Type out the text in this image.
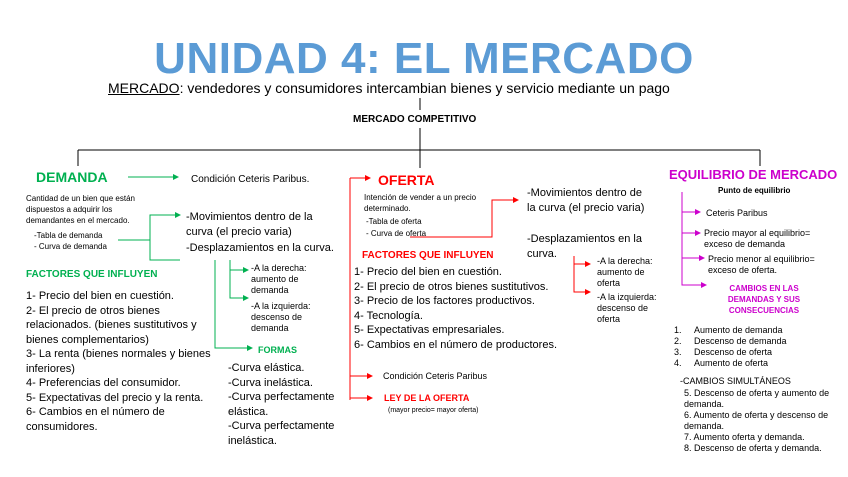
UNIDAD 4: EL MERCADO
MERCADO: vendedores y consumidores intercambian bienes y servicio mediante un pago
MERCADO COMPETITIVO
DEMANDA	Condición Ceteris Paribus.
Cantidad de un bien que están dispuestos a adquirir los demandantes en el mercado.
-Tabla de demanda
- Curva de demanda
FACTORES QUE INFLUYEN
1- Precio del bien en cuestión.
2- El precio de otros bienes relacionados. (bienes sustitutivos y bienes complementarios)
3- La renta (bienes normales y bienes inferiores)
4- Preferencias del consumidor.
5- Expectativas del precio y la renta.
6- Cambios en el número de consumidores.
-Movimientos dentro de la curva (el precio varia)
-Desplazamientos en la curva.
-A la derecha: aumento de demanda
-A la izquierda: descenso de demanda
FORMAS
-Curva elástica.
-Curva inelástica.
-Curva perfectamente elástica.
-Curva perfectamente inelástica.
OFERTA
Intención de vender a un precio determinado.
-Tabla de oferta
- Curva de oferta
-Movimientos dentro de la curva (el precio varia)
-Desplazamientos en la curva.
-A la derecha: aumento de oferta
-A la izquierda: descenso de oferta
FACTORES QUE INFLUYEN
1- Precio del bien en cuestión.
2- El precio de otros bienes sustitutivos.
3- Precio de los factores productivos.
4- Tecnología.
5- Expectativas empresariales.
6- Cambios en el número de productores.
Condición Ceteris Paribus
LEY DE LA OFERTA
(mayor precio= mayor oferta)
EQUILIBRIO DE MERCADO
Punto de equilibrio
Ceteris Paribus
Precio mayor al equilibrio= exceso de demanda
Precio menor al equilibrio= exceso de oferta.
CAMBIOS EN LAS DEMANDAS Y SUS CONSECUENCIAS
1. Aumento de demanda
2. Descenso de demanda
3. Descenso de oferta
4. Aumento de oferta
-CAMBIOS SIMULTÁNEOS
5. Descenso de oferta y aumento de demanda.
6. Aumento de oferta y descenso de demanda.
7. Aumento oferta y demanda.
8. Descenso de oferta y demanda.
